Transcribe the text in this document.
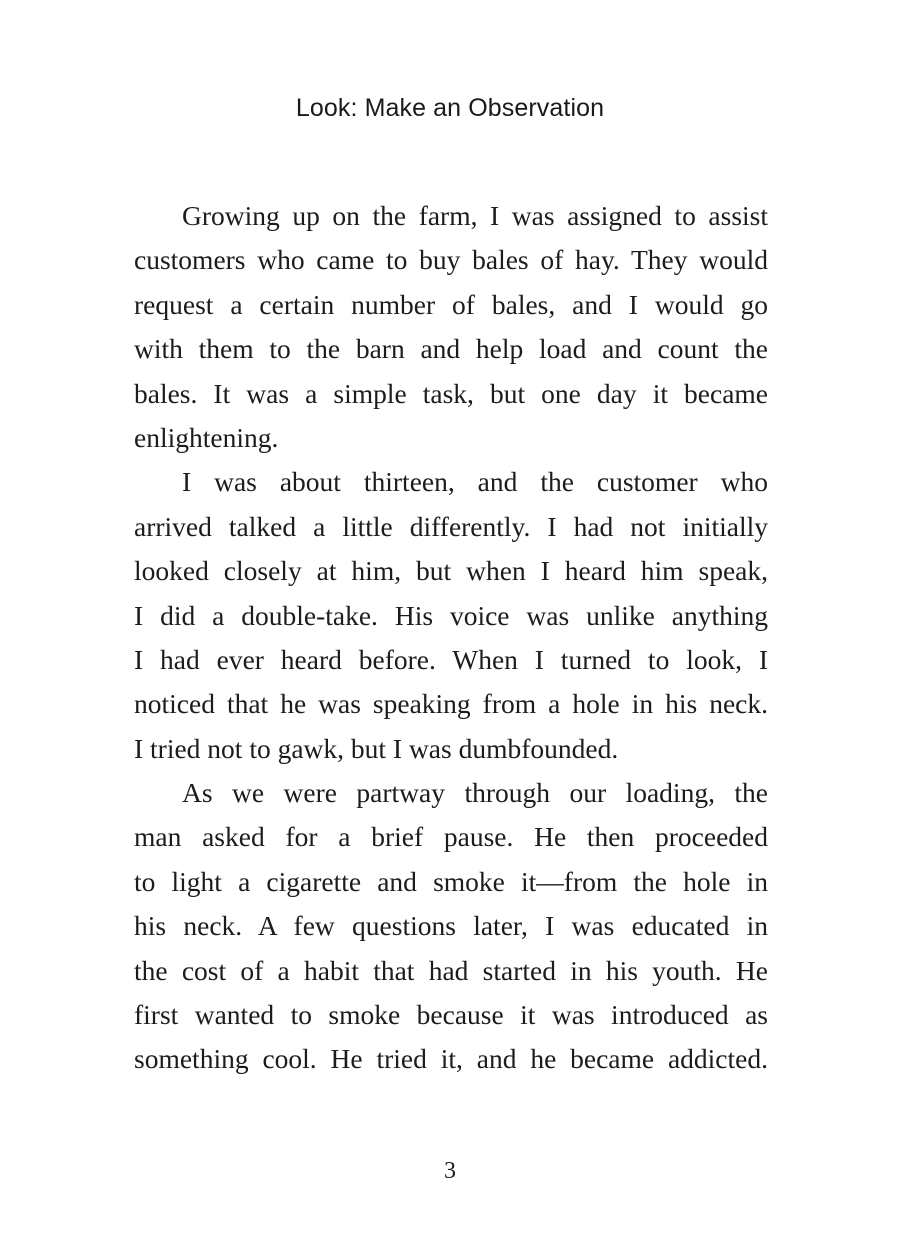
Look: Make an Observation
Growing up on the farm, I was assigned to assist
customers who came to buy bales of hay. They would
request a certain number of bales, and I would go
with them to the barn and help load and count the
bales. It was a simple task, but one day it became
enlightening.
I was about thirteen, and the customer who
arrived talked a little differently. I had not initially
looked closely at him, but when I heard him speak,
I did a double-take. His voice was unlike anything
I had ever heard before. When I turned to look, I
noticed that he was speaking from a hole in his neck.
I tried not to gawk, but I was dumbfounded.
As we were partway through our loading, the
man asked for a brief pause. He then proceeded
to light a cigarette and smoke it—from the hole in
his neck. A few questions later, I was educated in
the cost of a habit that had started in his youth. He
first wanted to smoke because it was introduced as
something cool. He tried it, and he became addicted.
3
